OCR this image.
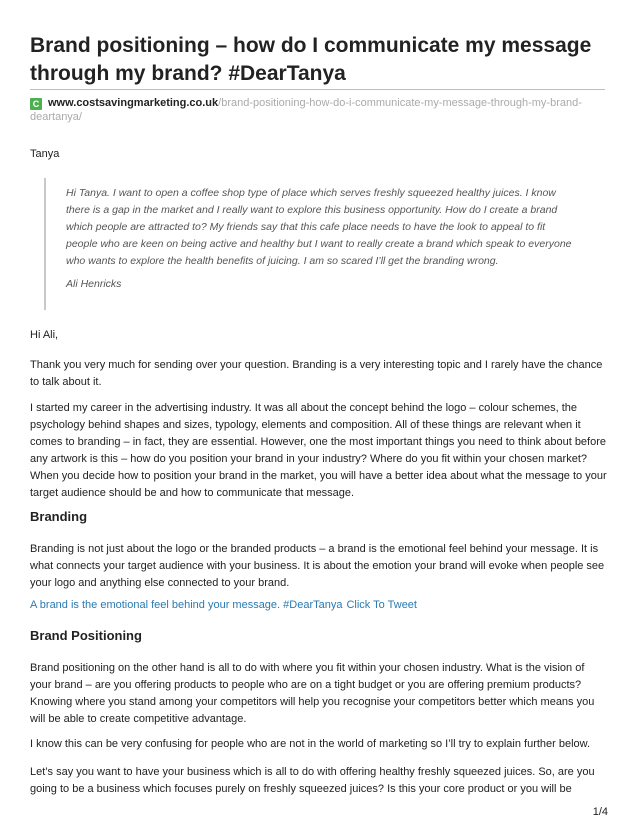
Brand positioning – how do I communicate my message through my brand? #DearTanya
C www.costsavingmarketing.co.uk/brand-positioning-how-do-i-communicate-my-message-through-my-brand-deartanya/

Tanya

Hi Tanya. I want to open a coffee shop type of place which serves freshly squeezed healthy juices. I know there is a gap in the market and I really want to explore this business opportunity. How do I create a brand which people are attracted to? My friends say that this cafe place needs to have the look to appeal to fit people who are keen on being active and healthy but I want to really create a brand which speak to everyone who wants to explore the health benefits of juicing. I am so scared I’ll get the branding wrong.

Ali Henricks

Hi Ali,

Thank you very much for sending over your question. Branding is a very interesting topic and I rarely have the chance to talk about it.

I started my career in the advertising industry. It was all about the concept behind the logo – colour schemes, the psychology behind shapes and sizes, typology, elements and composition. All of these things are relevant when it comes to branding – in fact, they are essential. However, one the most important things you need to think about before any artwork is this – how do you position your brand in your industry? Where do you fit within your chosen market? When you decide how to position your brand in the market, you will have a better idea about what the message to your target audience should be and how to communicate that message.

Branding

Branding is not just about the logo or the branded products – a brand is the emotional feel behind your message. It is what connects your target audience with your business. It is about the emotion your brand will evoke when people see your logo and anything else connected to your brand.

A brand is the emotional feel behind your message. #DearTanya Click To Tweet
Brand Positioning

Brand positioning on the other hand is all to do with where you fit within your chosen industry. What is the vision of your brand – are you offering products to people who are on a tight budget or you are offering premium products? Knowing where you stand among your competitors will help you recognise your competitors better which means you will be able to create competitive advantage.

I know this can be very confusing for people who are not in the world of marketing so I’ll try to explain further below.

Let’s say you want to have your business which is all to do with offering healthy freshly squeezed juices. So, are you going to be a business which focuses purely on freshly squeezed juices? Is this your core product or you will be

1/4
